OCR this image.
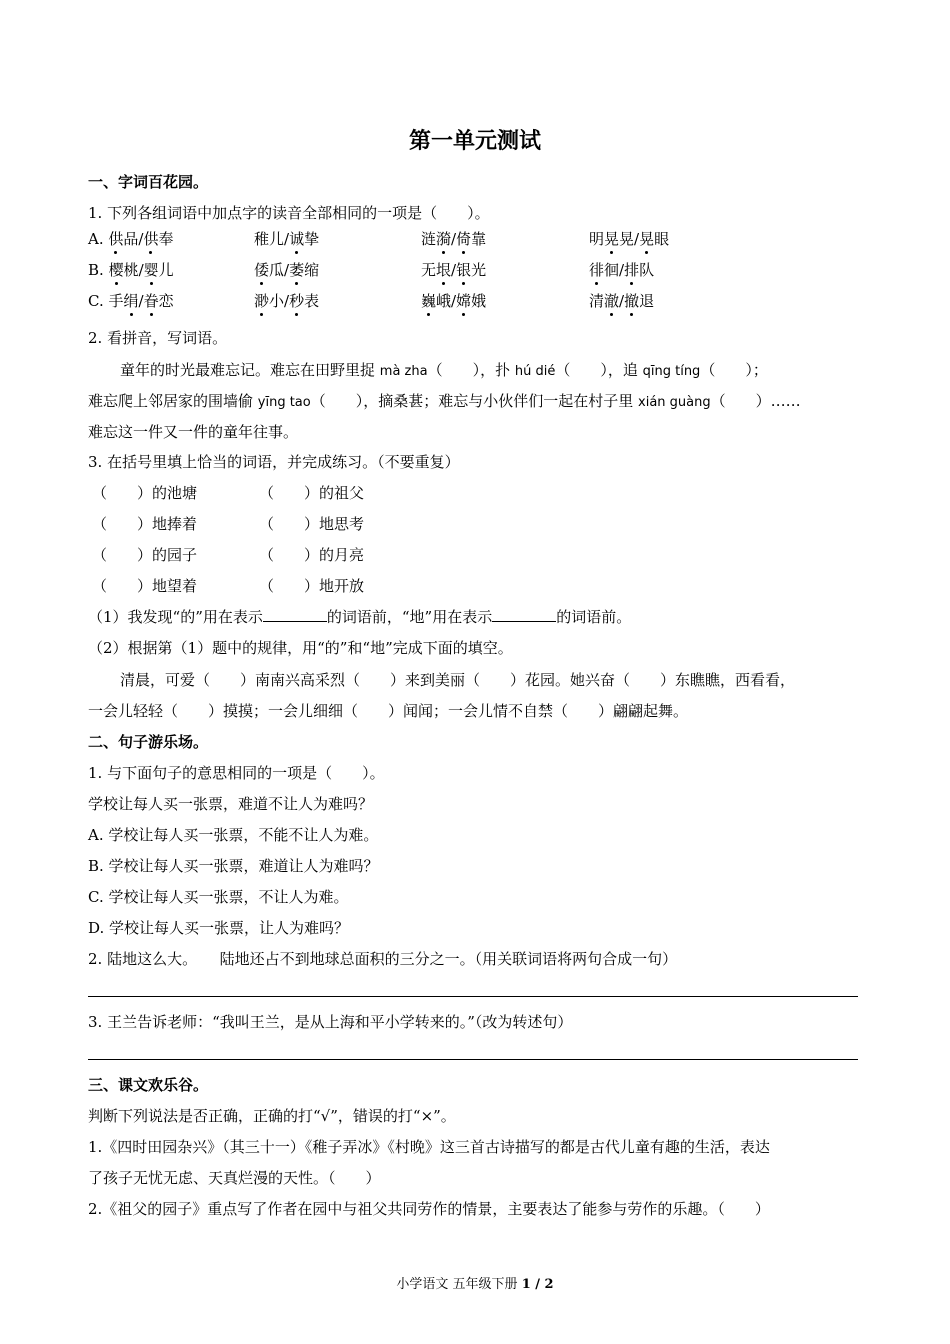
第一单元测试
一、字词百花园。
1. 下列各组词语中加点字的读音全部相同的一项是（　　）。
A. 供品/供奉	稚儿/诚挚	涟漪/倚靠	明晃晃/晃眼
B. 樱桃/婴儿	倭瓜/萎缩	无垠/银光	徘徊/排队
C. 手绢/眷恋	渺小/秒表	巍峨/嫦娥	清澈/撤退
2. 看拼音，写词语。
童年的时光最难忘记。难忘在田野里捉 mà zha（　　），扑 hú dié（　　），追 qīng tíng（　　）；
难忘爬上邻居家的围墙偷 yīng tao（　　），摘桑葚；难忘与小伙伴们一起在村子里 xián guàng（　　）……
难忘这一件又一件的童年往事。
3. 在括号里填上恰当的词语，并完成练习。（不要重复）
（　　）的池塘	（　　）的祖父
（　　）地捧着	（　　）地思考
（　　）的园子	（　　）的月亮
（　　）地望着	（　　）地开放
（1）我发现“的”用在表示	的词语前，“地”用在表示	的词语前。
（2）根据第（1）题中的规律，用“的”和“地”完成下面的填空。
清晨，可爱（　　）南南兴高采烈（　　）来到美丽（　　）花园。她兴奋（　　）东瞧瞧，西看看，
一会儿轻轻（　　）摸摸；一会儿细细（　　）闻闻；一会儿情不自禁（　　）翩翩起舞。
二、句子游乐场。
1. 与下面句子的意思相同的一项是（　　）。
学校让每人买一张票，难道不让人为难吗？
A. 学校让每人买一张票，不能不让人为难。
B. 学校让每人买一张票，难道让人为难吗？
C. 学校让每人买一张票，不让人为难。
D. 学校让每人买一张票，让人为难吗？
2. 陆地这么大。　　陆地还占不到地球总面积的三分之一。（用关联词语将两句合成一句）
3. 王兰告诉老师：“我叫王兰，是从上海和平小学转来的。”（改为转述句）
三、课文欢乐谷。
判断下列说法是否正确，正确的打“√”，错误的打“×”。
1.《四时田园杂兴》（其三十一）《稚子弄冰》《村晚》这三首古诗描写的都是古代儿童有趣的生活，表达
了孩子无忧无虑、天真烂漫的天性。（　　）
2.《祖父的园子》重点写了作者在园中与祖父共同劳作的情景，主要表达了能参与劳作的乐趣。（　　）
小学语文 五年级下册 1 / 2
